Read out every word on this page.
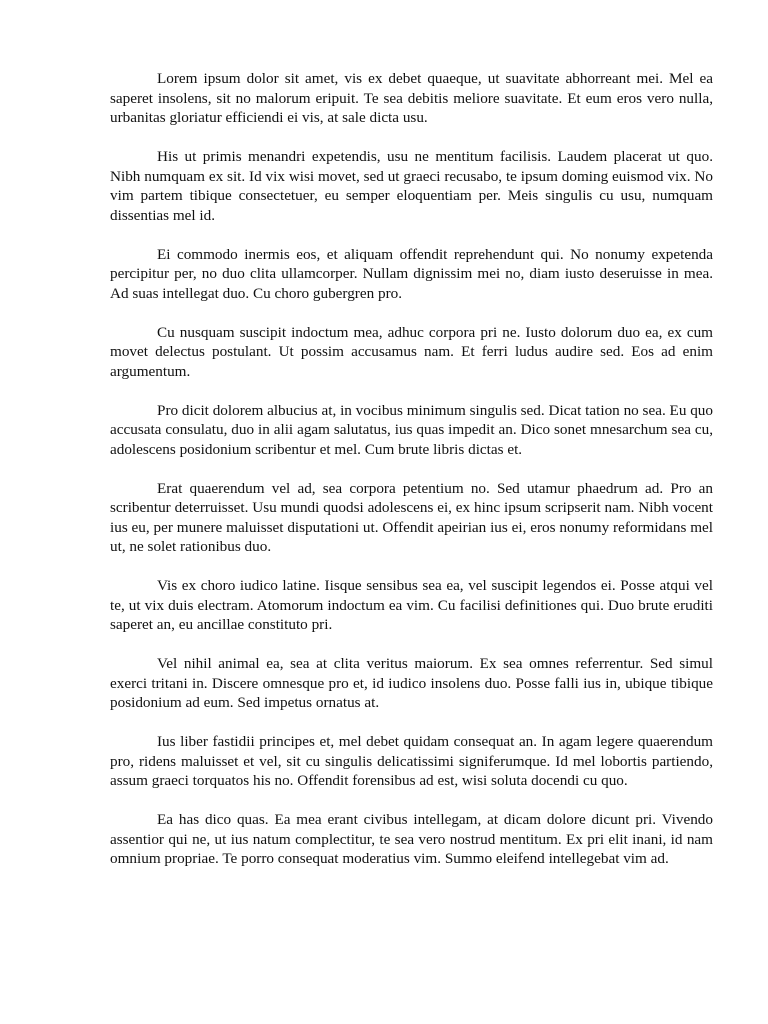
Lorem ipsum dolor sit amet, vis ex debet quaeque, ut suavitate abhorreant mei. Mel ea saperet insolens, sit no malorum eripuit. Te sea debitis meliore suavitate. Et eum eros vero nulla, urbanitas gloriatur efficiendi ei vis, at sale dicta usu.

His ut primis menandri expetendis, usu ne mentitum facilisis. Laudem placerat ut quo. Nibh numquam ex sit. Id vix wisi movet, sed ut graeci recusabo, te ipsum doming euismod vix. No vim partem tibique consectetuer, eu semper eloquentiam per. Meis singulis cu usu, numquam dissentias mel id.

Ei commodo inermis eos, et aliquam offendit reprehendunt qui. No nonumy expetenda percipitur per, no duo clita ullamcorper. Nullam dignissim mei no, diam iusto deseruisse in mea. Ad suas intellegat duo. Cu choro gubergren pro.

Cu nusquam suscipit indoctum mea, adhuc corpora pri ne. Iusto dolorum duo ea, ex cum movet delectus postulant. Ut possim accusamus nam. Et ferri ludus audire sed. Eos ad enim argumentum.

Pro dicit dolorem albucius at, in vocibus minimum singulis sed. Dicat tation no sea. Eu quo accusata consulatu, duo in alii agam salutatus, ius quas impedit an. Dico sonet mnesarchum sea cu, adolescens posidonium scribentur et mel. Cum brute libris dictas et.

Erat quaerendum vel ad, sea corpora petentium no. Sed utamur phaedrum ad. Pro an scribentur deterruisset. Usu mundi quodsi adolescens ei, ex hinc ipsum scripserit nam. Nibh vocent ius eu, per munere maluisset disputationi ut. Offendit apeirian ius ei, eros nonumy reformidans mel ut, ne solet rationibus duo.

Vis ex choro iudico latine. Iisque sensibus sea ea, vel suscipit legendos ei. Posse atqui vel te, ut vix duis electram. Atomorum indoctum ea vim. Cu facilisi definitiones qui. Duo brute eruditi saperet an, eu ancillae constituto pri.

Vel nihil animal ea, sea at clita veritus maiorum. Ex sea omnes referrentur. Sed simul exerci tritani in. Discere omnesque pro et, id iudico insolens duo. Posse falli ius in, ubique tibique posidonium ad eum. Sed impetus ornatus at.

Ius liber fastidii principes et, mel debet quidam consequat an. In agam legere quaerendum pro, ridens maluisset et vel, sit cu singulis delicatissimi signiferumque. Id mel lobortis partiendo, assum graeci torquatos his no. Offendit forensibus ad est, wisi soluta docendi cu quo.

Ea has dico quas. Ea mea erant civibus intellegam, at dicam dolore dicunt pri. Vivendo assentior qui ne, ut ius natum complectitur, te sea vero nostrud mentitum. Ex pri elit inani, id nam omnium propriae. Te porro consequat moderatius vim. Summo eleifend intellegebat vim ad.
